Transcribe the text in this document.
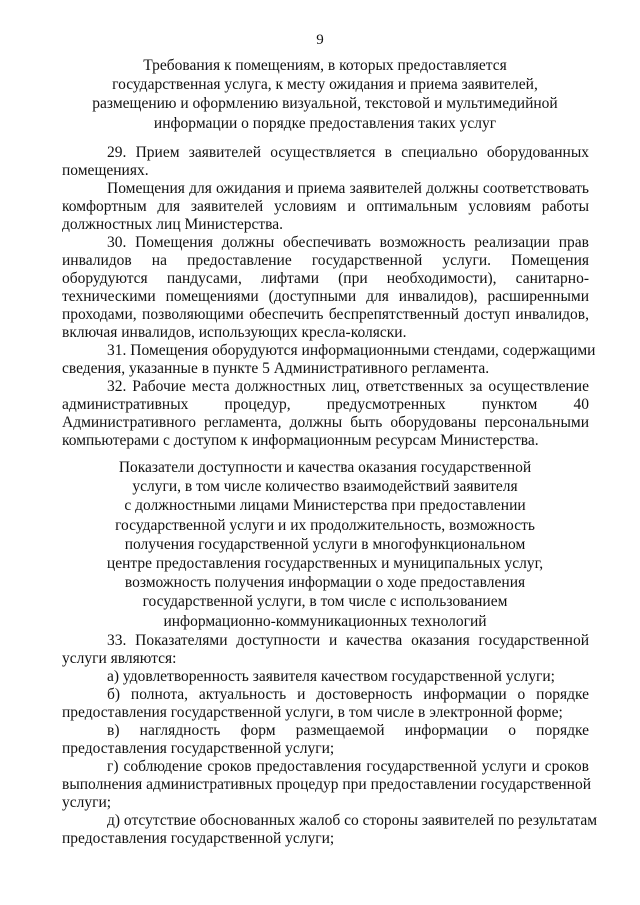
9
Требования к помещениям, в которых предоставляется
государственная услуга, к месту ожидания и приема заявителей,
размещению и оформлению визуальной, текстовой и мультимедийной
информации о порядке предоставления таких услуг
29. Прием заявителей осуществляется в специально оборудованных
помещениях.
Помещения для ожидания и приема заявителей должны соответствовать
комфортным для заявителей условиям и оптимальным условиям работы
должностных лиц Министерства.
30. Помещения должны обеспечивать возможность реализации прав
инвалидов на предоставление государственной услуги. Помещения
оборудуются пандусами, лифтами (при необходимости), санитарно-
техническими помещениями (доступными для инвалидов), расширенными
проходами, позволяющими обеспечить беспрепятственный доступ инвалидов,
включая инвалидов, использующих кресла-коляски.
31. Помещения оборудуются информационными стендами, содержащими
сведения, указанные в пункте 5 Административного регламента.
32. Рабочие места должностных лиц, ответственных за осуществление
административных процедур, предусмотренных пунктом 40
Административного регламента, должны быть оборудованы персональными
компьютерами с доступом к информационным ресурсам Министерства.
Показатели доступности и качества оказания государственной
услуги, в том числе количество взаимодействий заявителя
с должностными лицами Министерства при предоставлении
государственной услуги и их продолжительность, возможность
получения государственной услуги в многофункциональном
центре предоставления государственных и муниципальных услуг,
возможность получения информации о ходе предоставления
государственной услуги, в том числе с использованием
информационно-коммуникационных технологий
33. Показателями доступности и качества оказания государственной
услуги являются:
а) удовлетворенность заявителя качеством государственной услуги;
б) полнота, актуальность и достоверность информации о порядке
предоставления государственной услуги, в том числе в электронной форме;
в) наглядность форм размещаемой информации о порядке
предоставления государственной услуги;
г) соблюдение сроков предоставления государственной услуги и сроков
выполнения административных процедур при предоставлении государственной
услуги;
д) отсутствие обоснованных жалоб со стороны заявителей по результатам
предоставления государственной услуги;
